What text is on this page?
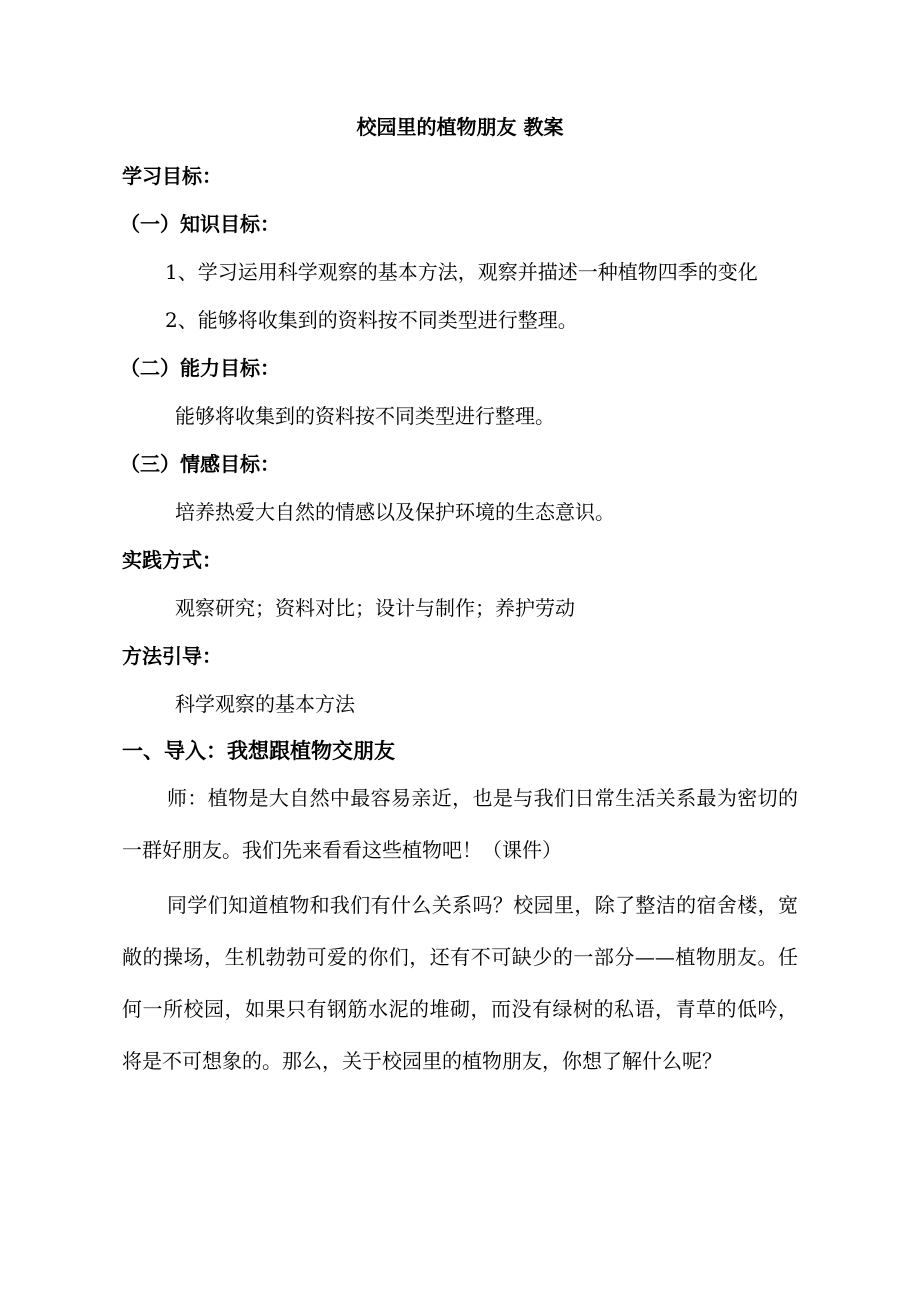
校园里的植物朋友 教案
学习目标：
（一）知识目标：
1、学习运用科学观察的基本方法，观察并描述一种植物四季的变化
2、能够将收集到的资料按不同类型进行整理。
（二）能力目标：
能够将收集到的资料按不同类型进行整理。
（三）情感目标：
培养热爱大自然的情感以及保护环境的生态意识。
实践方式：
观察研究；资料对比；设计与制作；养护劳动
方法引导：
科学观察的基本方法
一、导入：我想跟植物交朋友
师：植物是大自然中最容易亲近，也是与我们日常生活关系最为密切的一群好朋友。我们先来看看这些植物吧！（课件）
同学们知道植物和我们有什么关系吗？校园里，除了整洁的宿舍楼，宽敞的操场，生机勃勃可爱的你们，还有不可缺少的一部分——植物朋友。任何一所校园，如果只有钢筋水泥的堆砌，而没有绿树的私语，青草的低吟，将是不可想象的。那么，关于校园里的植物朋友，你想了解什么呢？
